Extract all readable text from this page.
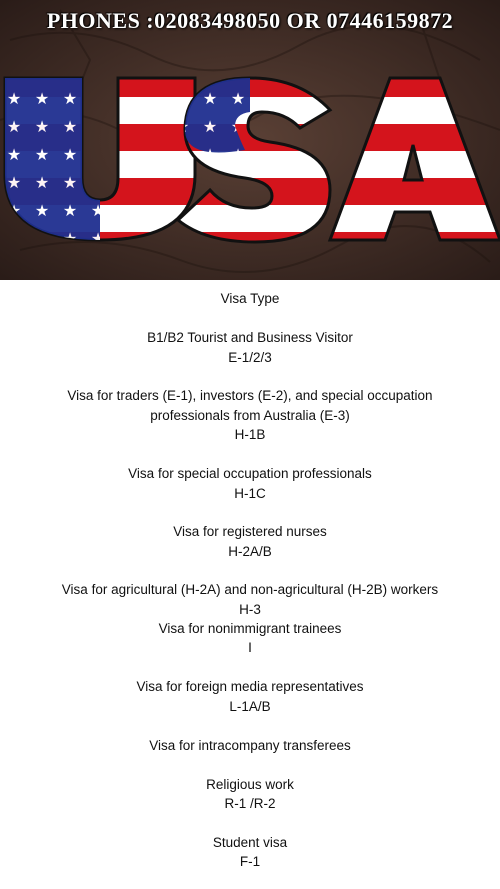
PHONES :02083498050 OR 07446159872
Visa Type
B1/B2 Tourist and Business Visitor
E-1/2/3
Visa for traders (E-1), investors (E-2), and special occupation
professionals from Australia (E-3)
H-1B
Visa for special occupation professionals
H-1C
Visa for registered nurses
H-2A/B
Visa for agricultural (H-2A) and non-agricultural (H-2B) workers
H-3
Visa for nonimmigrant trainees
I
Visa for foreign media representatives
L-1A/B
Visa for intracompany transferees
Religious work
R-1 /R-2
Student visa
F-1
